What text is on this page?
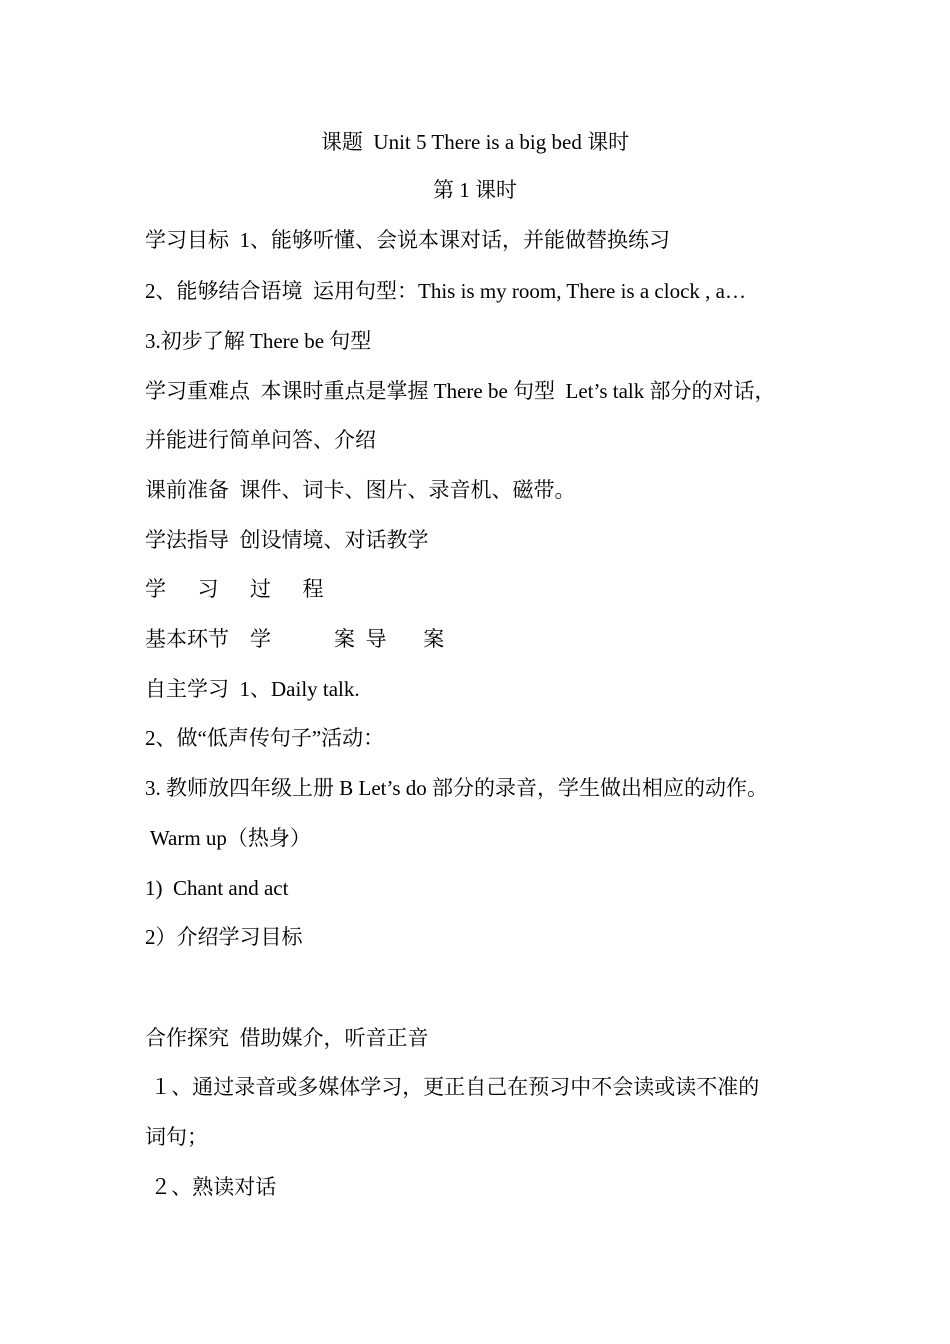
课题  Unit 5 There is a big bed 课时
第 1 课时
学习目标  1、能够听懂、会说本课对话，并能做替换练习
2、能够结合语境  运用句型：This is my room, There is a clock , a…
3.初步了解 There be 句型
学习重难点  本课时重点是掌握 There be 句型  Let’s talk 部分的对话，
并能进行简单问答、介绍
课前准备  课件、词卡、图片、录音机、磁带。
学法指导  创设情境、对话教学
学      习      过      程
基本环节    学            案  导       案
自主学习  1、Daily talk.
2、做“低声传句子”活动：
3. 教师放四年级上册 B Let’s do 部分的录音，学生做出相应的动作。
Warm up（热身）
1)  Chant and act
2）介绍学习目标
合作探究  借助媒介，听音正音
１、通过录音或多媒体学习，更正自己在预习中不会读或读不准的
词句；
２、熟读对话
